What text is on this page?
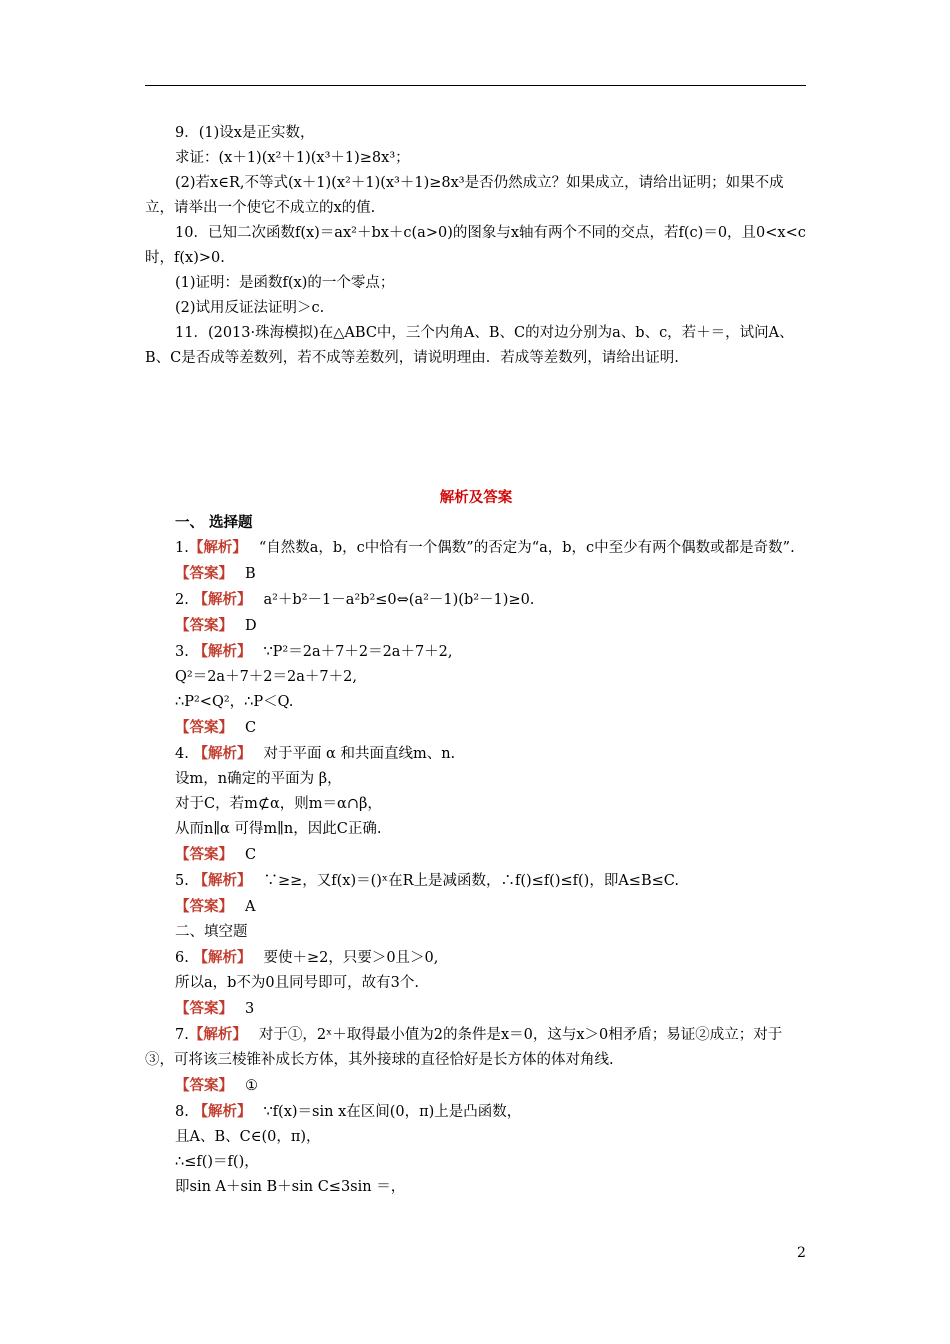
9．(1)设x是正实数，

求证：(x＋1)(x²＋1)(x³＋1)≥8x³；

(2)若x∈R,不等式(x＋1)(x²＋1)(x³＋1)≥8x³是否仍然成立？如果成立，请给出证明；如果不成立，请举出一个使它不成立的x的值.

10．已知二次函数f(x)＝ax²＋bx＋c(a>0)的图象与x轴有两个不同的交点，若f(c)＝0，且0<x<c时，f(x)>0.

(1)证明：是函数f(x)的一个零点；

(2)试用反证法证明＞c.

11．(2013·珠海模拟)在△ABC中，三个内角A、B、C的对边分别为a、b、c，若＋＝，试问A、B、C是否成等差数列，若不成等差数列，请说明理由．若成等差数列，请给出证明.

解析及答案

一、 选择题

1.【解析】 “自然数a，b，c中恰有一个偶数”的否定为“a，b，c中至少有两个偶数或都是奇数”.

【答案】 B

2. 【解析】 a²＋b²－1－a²b²≤0⇔(a²－1)(b²－1)≥0.

【答案】 D

3. 【解析】 ∵P²＝2a＋7＋2＝2a＋7＋2,

Q²＝2a＋7＋2＝2a＋7＋2,

∴P²<Q²，∴P＜Q.

【答案】 C

4. 【解析】 对于平面 α 和共面直线m、n.

设m，n确定的平面为 β，

对于C，若m⊄α，则m＝α∩β，

从而n∥α 可得m∥n，因此C正确.

【答案】 C

5. 【解析】 ∵≥≥，又f(x)＝()ˣ在R上是减函数，∴f()≤f()≤f()，即A≤B≤C.

【答案】 A

二、填空题

6. 【解析】 要使＋≥2，只要＞0且＞0,

所以a，b不为0且同号即可，故有3个.

【答案】 3

7.【解析】 对于①，2ˣ＋取得最小值为2的条件是x＝0，这与x＞0相矛盾；易证②成立；对于③，可将该三棱锥补成长方体，其外接球的直径恰好是长方体的体对角线.

【答案】 ①

8. 【解析】 ∵f(x)＝sin x在区间(0，π)上是凸函数，

且A、B、C∈(0，π)，

∴≤f()＝f()，

即sin A＋sin B＋sin C≤3sin ＝，

2
